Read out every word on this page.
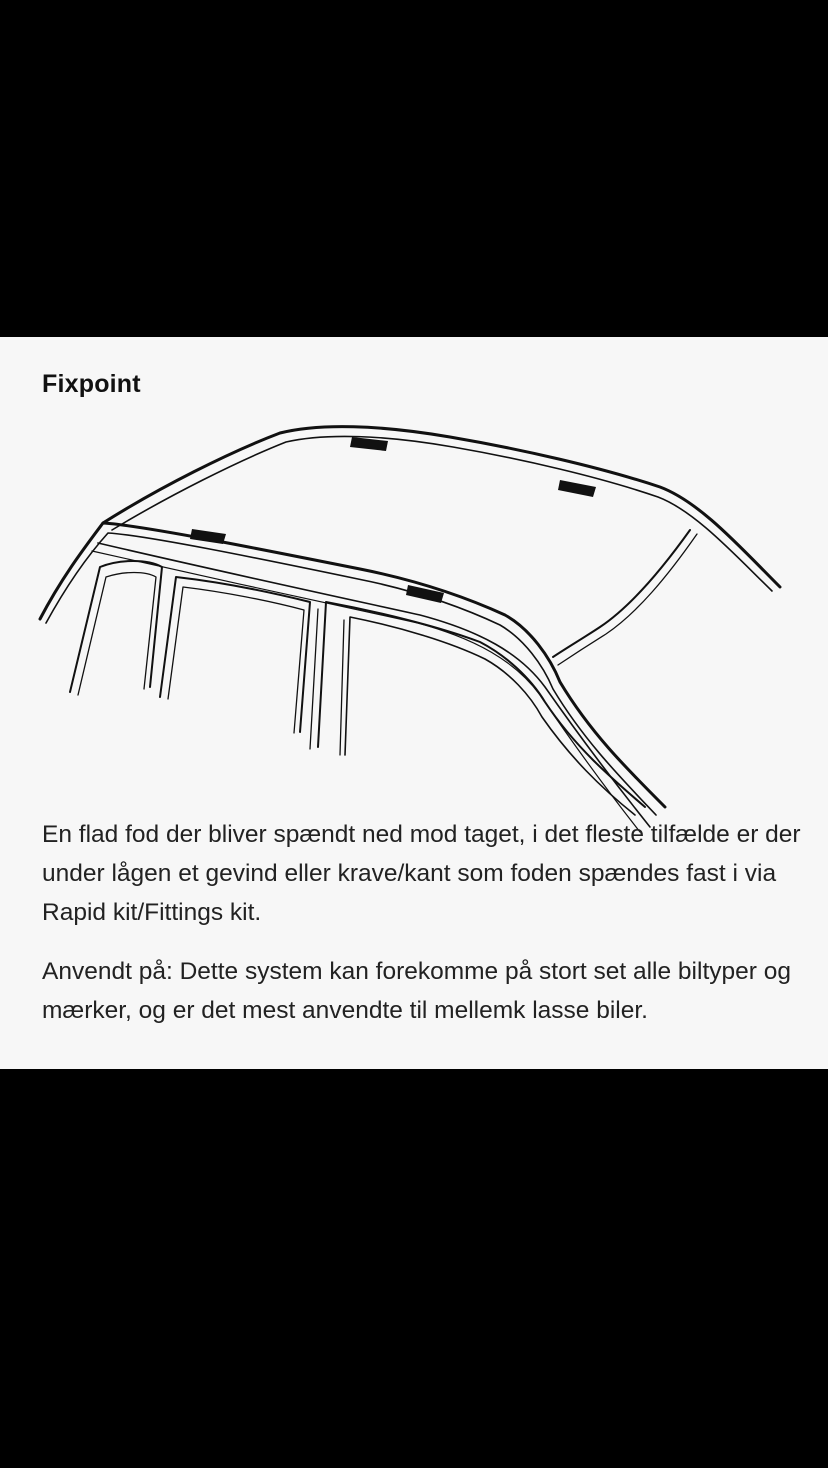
Fixpoint

En flad fod der bliver spændt ned mod taget, i det fleste tilfælde er der under lågen et gevind eller krave/kant som foden spændes fast i via Rapid kit/Fittings kit.

Anvendt på: Dette system kan forekomme på stort set alle biltyper og mærker, og er det mest anvendte til mellemk lasse biler.
